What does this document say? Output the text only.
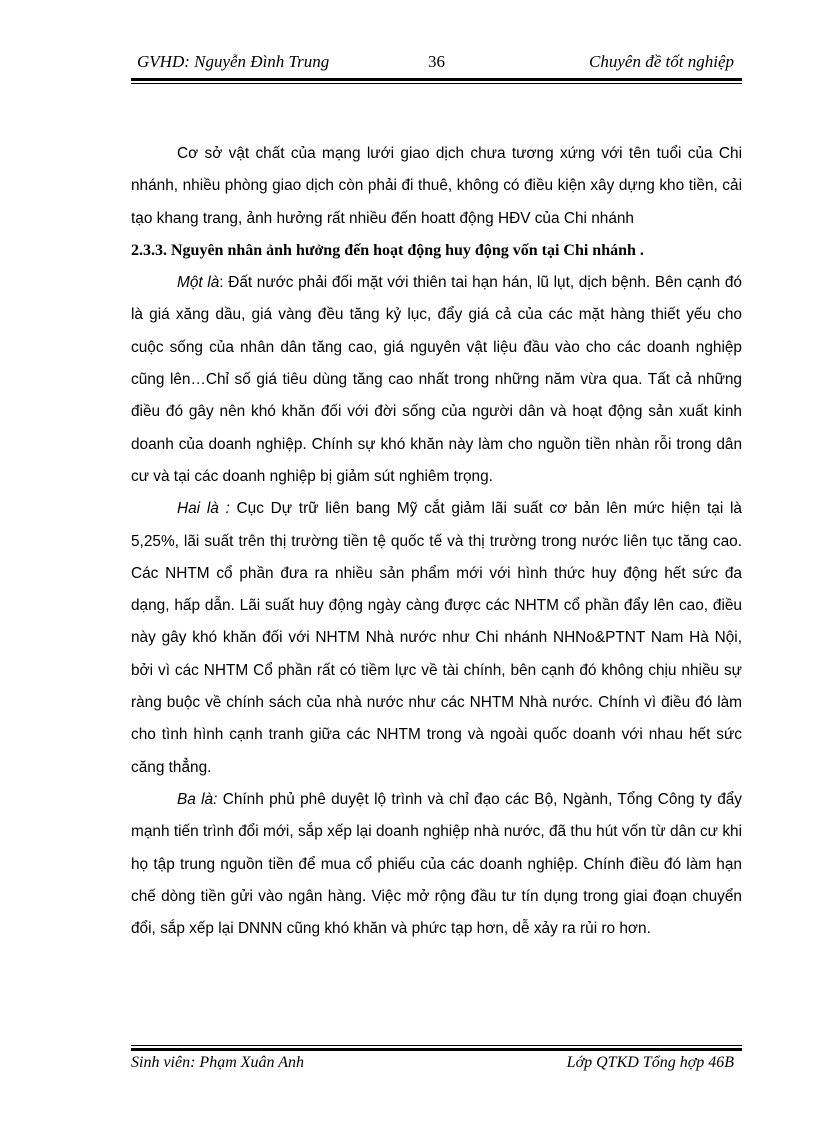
GVHD: Nguyễn Đình Trung	36	Chuyên đề tốt nghiệp

Cơ sở vật chất của mạng lưới giao dịch chưa tương xứng với tên tuổi của Chi nhánh, nhiều phòng giao dịch còn phải đi thuê, không có điều kiện xây dựng kho tiền, cải tạo khang trang, ảnh hưởng rất nhiều đến hoatt động HĐV của Chi nhánh

2.3.3. Nguyên nhân ảnh hưởng đến hoạt động huy động vốn tại Chi nhánh .

Một là: Đất nước phải đối mặt với thiên tai hạn hán, lũ lụt, dịch bệnh. Bên cạnh đó là giá xăng dầu, giá vàng đều tăng kỷ lục, đẩy giá cả của các mặt hàng thiết yếu cho cuộc sống của nhân dân tăng cao, giá nguyên vật liệu đầu vào cho các doanh nghiệp cũng lên…Chỉ số giá tiêu dùng tăng cao nhất trong những năm vừa qua. Tất cả những điều đó gây nên khó khăn đối với đời sống của người dân và hoạt động sản xuất kinh doanh của doanh nghiệp. Chính sự khó khăn này làm cho nguồn tiền nhàn rỗi trong dân cư và tại các doanh nghiệp bị giảm sút nghiêm trọng.

Hai là : Cục Dự trữ liên bang Mỹ cắt giảm lãi suất cơ bản lên mức hiện tại là 5,25%, lãi suất trên thị trường tiền tệ quốc tế và thị trường trong nước liên tục tăng cao. Các NHTM cổ phần đưa ra nhiều sản phẩm mới với hình thức huy động hết sức đa dạng, hấp dẫn. Lãi suất huy động ngày càng được các NHTM cổ phần đẩy lên cao, điều này gây khó khăn đối với NHTM Nhà nước như Chi nhánh NHNo&PTNT Nam Hà Nội, bởi vì các NHTM Cổ phần rất có tiềm lực về tài chính, bên cạnh đó không chịu nhiều sự ràng buộc về chính sách của nhà nước như các NHTM Nhà nước. Chính vì điều đó làm cho tình hình cạnh tranh giữa các NHTM trong và ngoài quốc doanh với nhau hết sức căng thẳng.

Ba là: Chính phủ phê duyệt lộ trình và chỉ đạo các Bộ, Ngành, Tổng Công ty đẩy mạnh tiến trình đổi mới, sắp xếp lại doanh nghiệp nhà nước, đã thu hút vốn từ dân cư khi họ tập trung nguồn tiền để mua cổ phiếu của các doanh nghiệp. Chính điều đó làm hạn chế dòng tiền gửi vào ngân hàng. Việc mở rộng đầu tư tín dụng trong giai đoạn chuyển đổi, sắp xếp lại DNNN cũng khó khăn và phức tạp hơn, dễ xảy ra rủi ro hơn.

Sinh viên: Phạm Xuân Anh	Lớp QTKD Tổng hợp 46B
